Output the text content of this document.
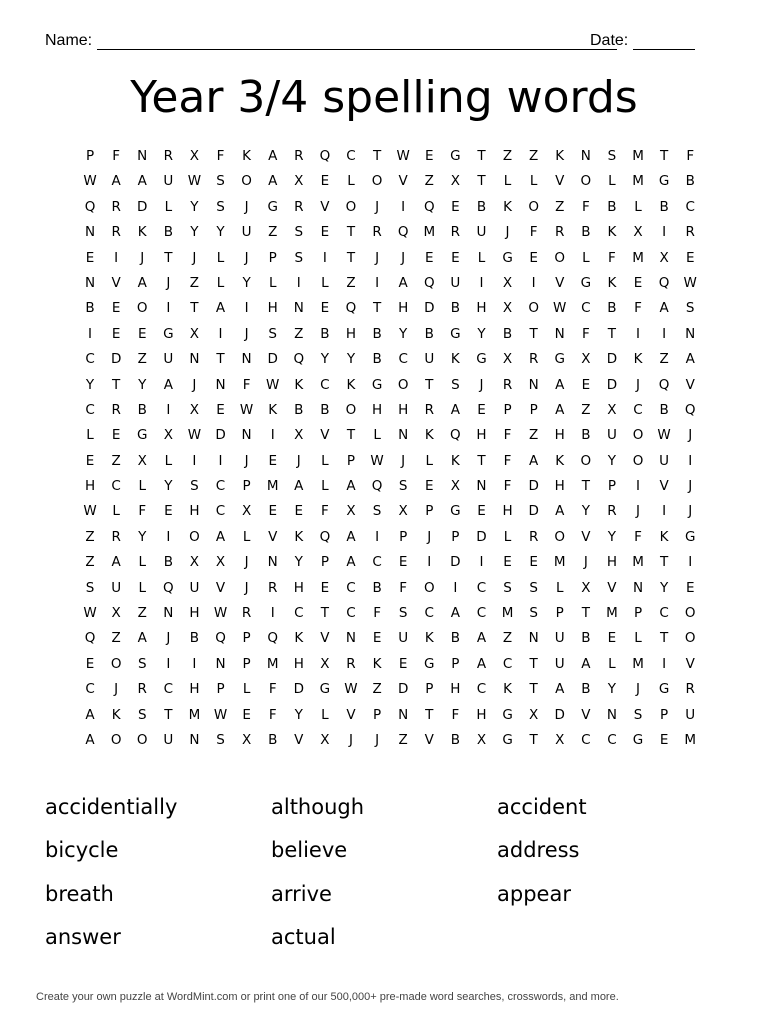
Name:	Date:
Year 3/4 spelling words
P	F	N	R	X	F	K	A	R	Q	C	T	W	E	G	T	Z	Z	K	N	S	M	T	F
W	A	A	U	W	S	O	A	X	E	L	O	V	Z	X	T	L	L	V	O	L	M	G	B
Q	R	D	L	Y	S	J	G	R	V	O	J	I	Q	E	B	K	O	Z	F	B	L	B	C
N	R	K	B	Y	Y	U	Z	S	E	T	R	Q	M	R	U	J	F	R	B	K	X	I	R
E	I	J	T	J	L	J	P	S	I	T	J	J	E	E	L	G	E	O	L	F	M	X	E
N	V	A	J	Z	L	Y	L	I	L	Z	I	A	Q	U	I	X	I	V	G	K	E	Q	W
B	E	O	I	T	A	I	H	N	E	Q	T	H	D	B	H	X	O	W	C	B	F	A	S
I	E	E	G	X	I	J	S	Z	B	H	B	Y	B	G	Y	B	T	N	F	T	I	I	N
C	D	Z	U	N	T	N	D	Q	Y	Y	B	C	U	K	G	X	R	G	X	D	K	Z	A
Y	T	Y	A	J	N	F	W	K	C	K	G	O	T	S	J	R	N	A	E	D	J	Q	V
C	R	B	I	X	E	W	K	B	B	O	H	H	R	A	E	P	P	A	Z	X	C	B	Q
L	E	G	X	W	D	N	I	X	V	T	L	N	K	Q	H	F	Z	H	B	U	O	W	J
E	Z	X	L	I	I	J	E	J	L	P	W	J	L	K	T	F	A	K	O	Y	O	U	I
H	C	L	Y	S	C	P	M	A	L	A	Q	S	E	X	N	F	D	H	T	P	I	V	J
W	L	F	E	H	C	X	E	E	F	X	S	X	P	G	E	H	D	A	Y	R	J	I	J
Z	R	Y	I	O	A	L	V	K	Q	A	I	P	J	P	D	L	R	O	V	Y	F	K	G
Z	A	L	B	X	X	J	N	Y	P	A	C	E	I	D	I	E	E	M	J	H	M	T	I
S	U	L	Q	U	V	J	R	H	E	C	B	F	O	I	C	S	S	L	X	V	N	Y	E
W	X	Z	N	H	W	R	I	C	T	C	F	S	C	A	C	M	S	P	T	M	P	C	O
Q	Z	A	J	B	Q	P	Q	K	V	N	E	U	K	B	A	Z	N	U	B	E	L	T	O
E	O	S	I	I	N	P	M	H	X	R	K	E	G	P	A	C	T	U	A	L	M	I	V
C	J	R	C	H	P	L	F	D	G	W	Z	D	P	H	C	K	T	A	B	Y	J	G	R
A	K	S	T	M	W	E	F	Y	L	V	P	N	T	F	H	G	X	D	V	N	S	P	U
A	O	O	U	N	S	X	B	V	X	J	J	Z	V	B	X	G	T	X	C	C	G	E	M
accidentially	although	accident
bicycle	believe	address
breath	arrive	appear
answer	actual
Create your own puzzle at WordMint.com or print one of our 500,000+ pre-made word searches, crosswords, and more.
